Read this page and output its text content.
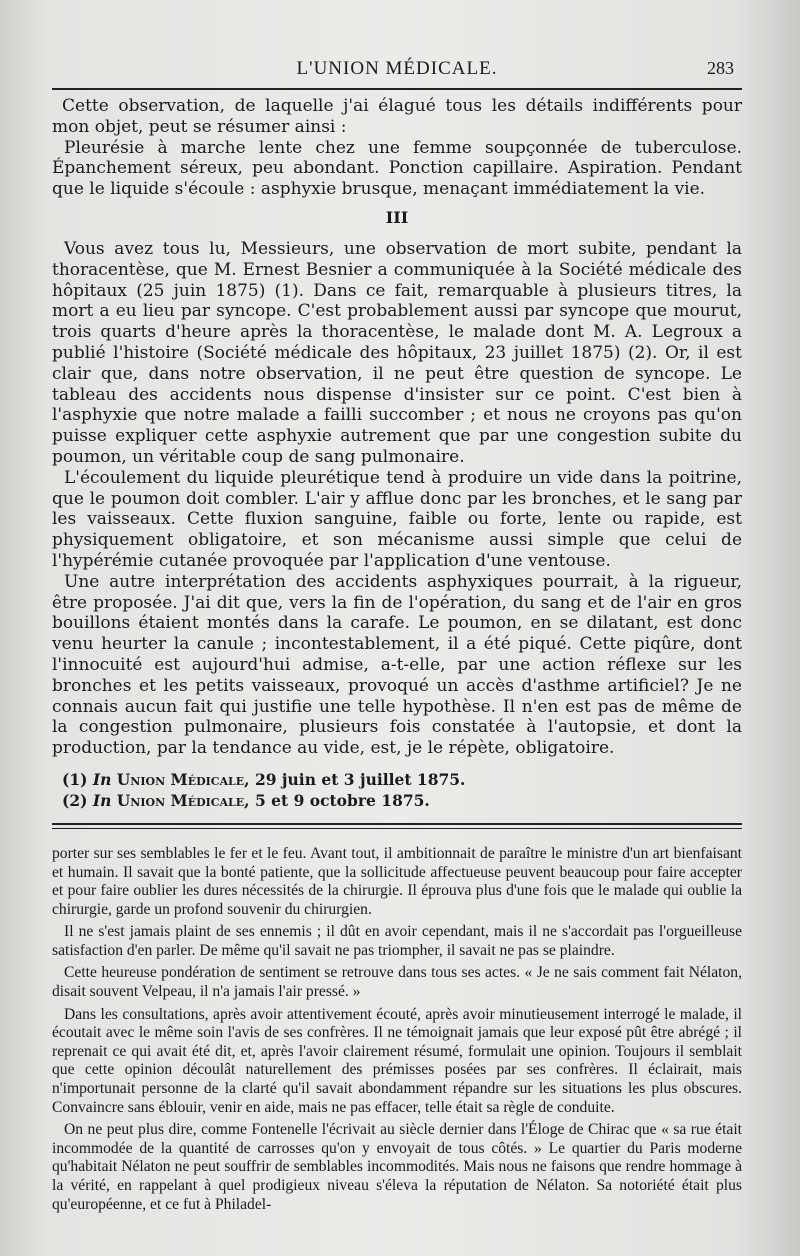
L'UNION MÉDICALE.	283

Cette observation, de laquelle j'ai élagué tous les détails indifférents pour mon objet, peut se résumer ainsi :

Pleurésie à marche lente chez une femme soupçonnée de tuberculose. Épanchement séreux, peu abondant. Ponction capillaire. Aspiration. Pendant que le liquide s'écoule : asphyxie brusque, menaçant immédiatement la vie.

III

Vous avez tous lu, Messieurs, une observation de mort subite, pendant la thoracentèse, que M. Ernest Besnier a communiquée à la Société médicale des hôpitaux (25 juin 1875) (1). Dans ce fait, remarquable à plusieurs titres, la mort a eu lieu par syncope. C'est probablement aussi par syncope que mourut, trois quarts d'heure après la thoracentèse, le malade dont M. A. Legroux a publié l'histoire (Société médicale des hôpitaux, 23 juillet 1875) (2). Or, il est clair que, dans notre observation, il ne peut être question de syncope. Le tableau des accidents nous dispense d'insister sur ce point. C'est bien à l'asphyxie que notre malade a failli succomber ; et nous ne croyons pas qu'on puisse expliquer cette asphyxie autrement que par une congestion subite du poumon, un véritable coup de sang pulmonaire.

L'écoulement du liquide pleurétique tend à produire un vide dans la poitrine, que le poumon doit combler. L'air y afflue donc par les bronches, et le sang par les vaisseaux. Cette fluxion sanguine, faible ou forte, lente ou rapide, est physiquement obligatoire, et son mécanisme aussi simple que celui de l'hypérémie cutanée provoquée par l'application d'une ventouse.

Une autre interprétation des accidents asphyxiques pourrait, à la rigueur, être proposée. J'ai dit que, vers la fin de l'opération, du sang et de l'air en gros bouillons étaient montés dans la carafe. Le poumon, en se dilatant, est donc venu heurter la canule ; incontestablement, il a été piqué. Cette piqûre, dont l'innocuité est aujourd'hui admise, a-t-elle, par une action réflexe sur les bronches et les petits vaisseaux, provoqué un accès d'asthme artificiel? Je ne connais aucun fait qui justifie une telle hypothèse. Il n'en est pas de même de la congestion pulmonaire, plusieurs fois constatée à l'autopsie, et dont la production, par la tendance au vide, est, je le répète, obligatoire.

(1) In Union Médicale, 29 juin et 3 juillet 1875.
(2) In Union Médicale, 5 et 9 octobre 1875.

porter sur ses semblables le fer et le feu. Avant tout, il ambitionnait de paraître le ministre d'un art bienfaisant et humain. Il savait que la bonté patiente, que la sollicitude affectueuse peuvent beaucoup pour faire accepter et pour faire oublier les dures nécessités de la chirurgie. Il éprouva plus d'une fois que le malade qui oublie la chirurgie, garde un profond souvenir du chirurgien.

Il ne s'est jamais plaint de ses ennemis ; il dût en avoir cependant, mais il ne s'accordait pas l'orgueilleuse satisfaction d'en parler. De même qu'il savait ne pas triompher, il savait ne pas se plaindre.

Cette heureuse pondération de sentiment se retrouve dans tous ses actes. « Je ne sais comment fait Nélaton, disait souvent Velpeau, il n'a jamais l'air pressé. »

Dans les consultations, après avoir attentivement écouté, après avoir minutieusement interrogé le malade, il écoutait avec le même soin l'avis de ses confrères. Il ne témoignait jamais que leur exposé pût être abrégé ; il reprenait ce qui avait été dit, et, après l'avoir clairement résumé, formulait une opinion. Toujours il semblait que cette opinion découlât naturellement des prémisses posées par ses confrères. Il éclairait, mais n'importunait personne de la clarté qu'il savait abondamment répandre sur les situations les plus obscures. Convaincre sans éblouir, venir en aide, mais ne pas effacer, telle était sa règle de conduite.

On ne peut plus dire, comme Fontenelle l'écrivait au siècle dernier dans l'Éloge de Chirac que « sa rue était incommodée de la quantité de carrosses qu'on y envoyait de tous côtés. » Le quartier du Paris moderne qu'habitait Nélaton ne peut souffrir de semblables incommodités. Mais nous ne faisons que rendre hommage à la vérité, en rappelant à quel prodigieux niveau s'éleva la réputation de Nélaton. Sa notoriété était plus qu'européenne, et ce fut à Philadel-
